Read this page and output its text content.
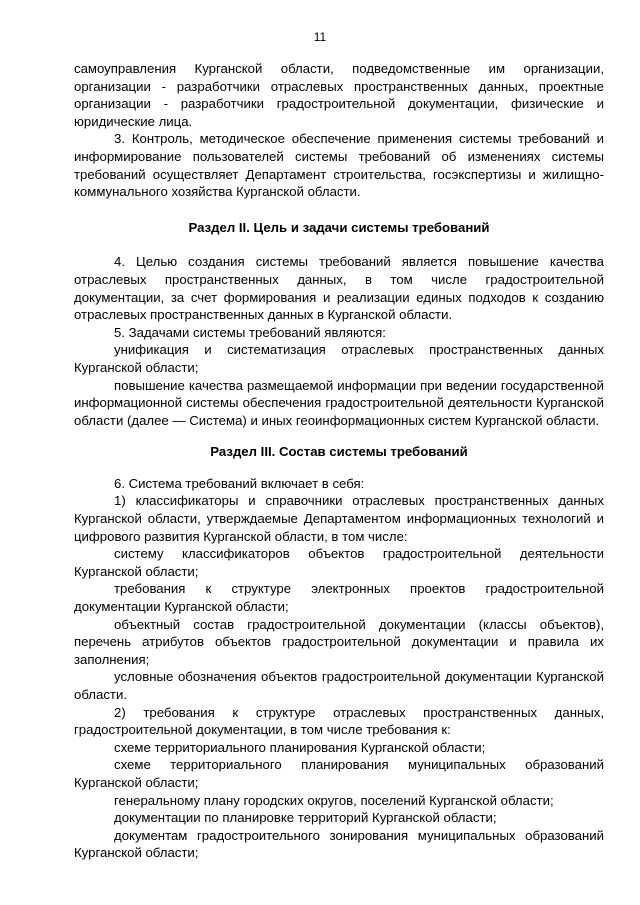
11

самоуправления Курганской области, подведомственные им организации, организации - разработчики отраслевых пространственных данных, проектные организации - разработчики градостроительной документации, физические и юридические лица.

3. Контроль, методическое обеспечение применения системы требований и информирование пользователей системы требований об изменениях системы требований осуществляет Департамент строительства, госэкспертизы и жилищно-коммунального хозяйства Курганской области.

Раздел II. Цель и задачи системы требований

4. Целью создания системы требований является повышение качества отраслевых пространственных данных, в том числе градостроительной документации, за счет формирования и реализации единых подходов к созданию отраслевых пространственных данных в Курганской области.

5. Задачами системы требований являются:

унификация и систематизация отраслевых пространственных данных Курганской области;

повышение качества размещаемой информации при ведении государственной информационной системы обеспечения градостроительной деятельности Курганской области (далее — Система) и иных геоинформационных систем Курганской области.

Раздел III. Состав системы требований

6. Система требований включает в себя:

1) классификаторы и справочники отраслевых пространственных данных Курганской области, утверждаемые Департаментом информационных технологий и цифрового развития Курганской области, в том числе:

систему классификаторов объектов градостроительной деятельности Курганской области;

требования к структуре электронных проектов градостроительной документации Курганской области;

объектный состав градостроительной документации (классы объектов), перечень атрибутов объектов градостроительной документации и правила их заполнения;

условные обозначения объектов градостроительной документации Курганской области.

2) требования к структуре отраслевых пространственных данных, градостроительной документации, в том числе требования к:

схеме территориального планирования Курганской области;

схеме территориального планирования муниципальных образований Курганской области;

генеральному плану городских округов, поселений Курганской области;

документации по планировке территорий Курганской области;

документам градостроительного зонирования муниципальных образований Курганской области;
